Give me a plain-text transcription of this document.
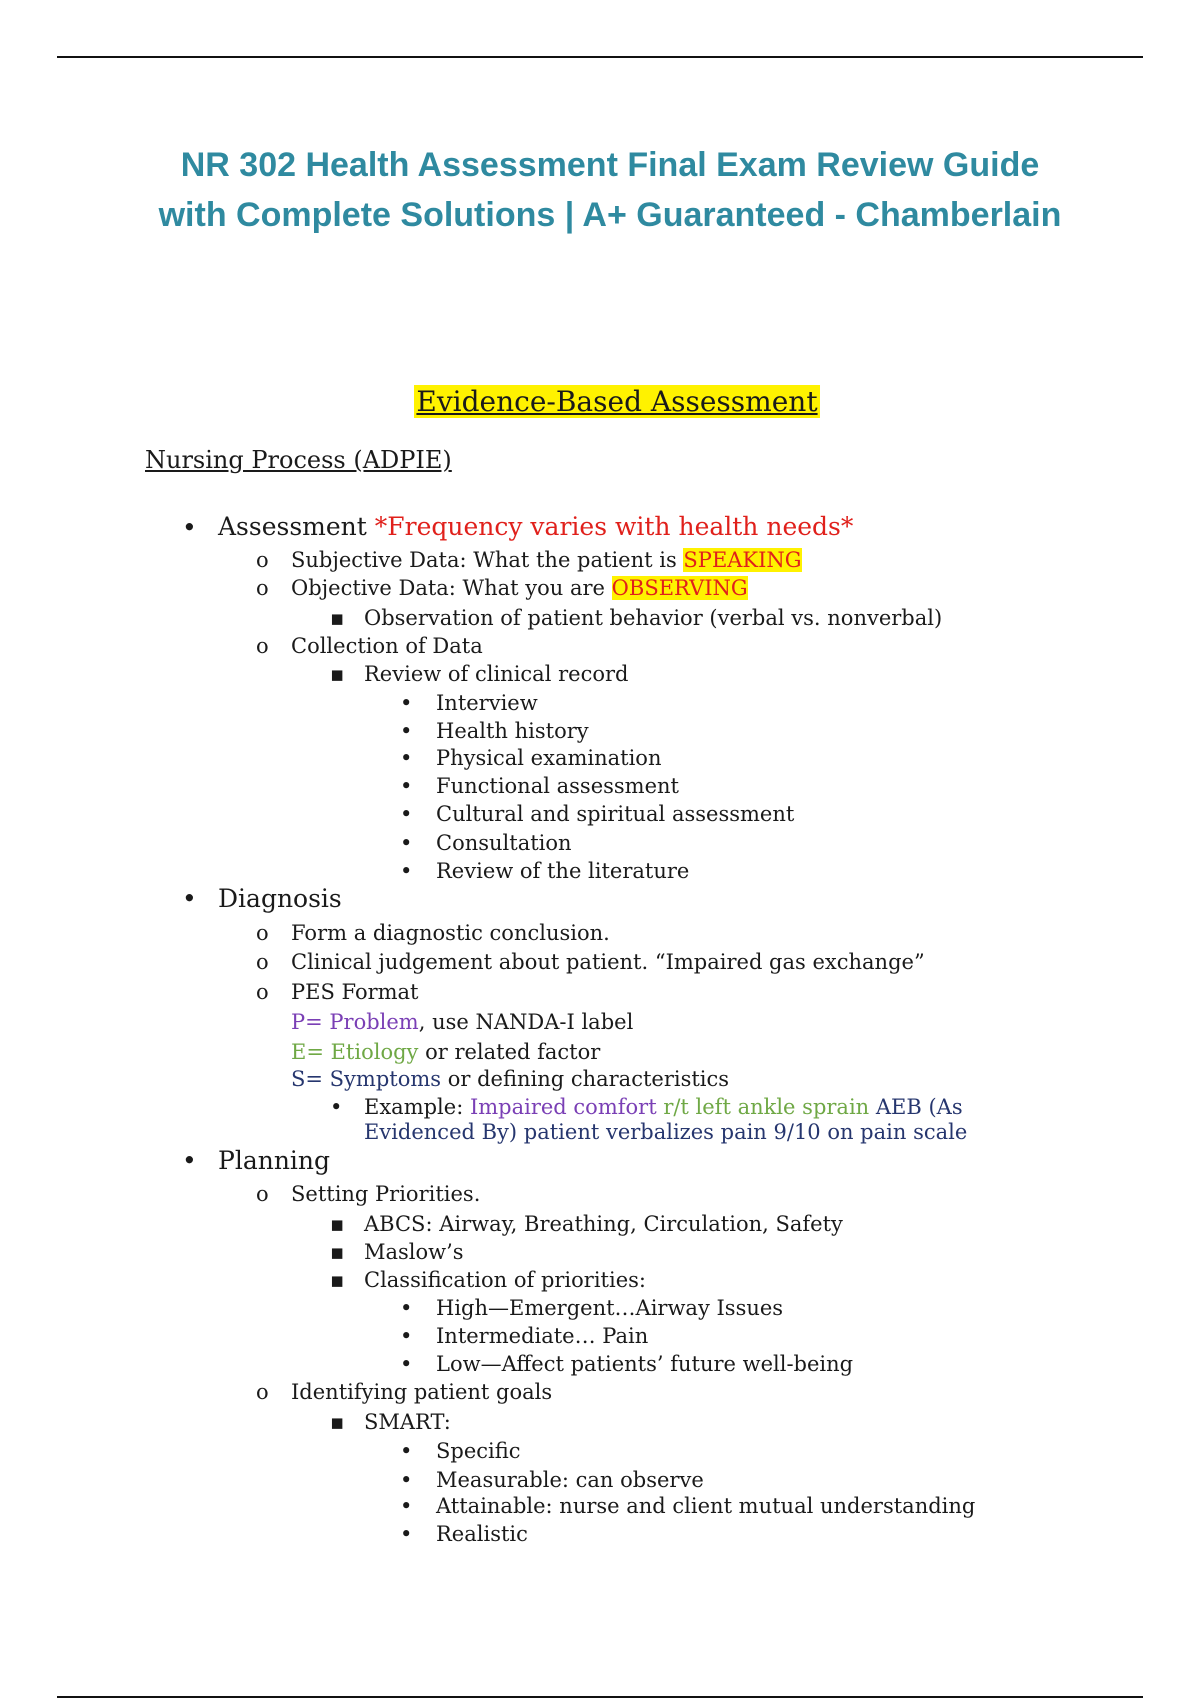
NR 302 Health Assessment Final Exam Review Guide
with Complete Solutions | A+ Guaranteed - Chamberlain
Evidence-Based Assessment
Nursing Process (ADPIE)
• Assessment *Frequency varies with health needs*
o Subjective Data: What the patient is SPEAKING
o Objective Data: What you are OBSERVING
▪ Observation of patient behavior (verbal vs. nonverbal)
o Collection of Data
▪ Review of clinical record
• Interview
• Health history
• Physical examination
• Functional assessment
• Cultural and spiritual assessment
• Consultation
• Review of the literature
• Diagnosis
o Form a diagnostic conclusion.
o Clinical judgement about patient. “Impaired gas exchange”
o PES Format
P= Problem, use NANDA-I label
E= Etiology or related factor
S= Symptoms or defining characteristics
• Example: Impaired comfort r/t left ankle sprain AEB (As
Evidenced By) patient verbalizes pain 9/10 on pain scale
• Planning
o Setting Priorities.
▪ ABCS: Airway, Breathing, Circulation, Safety
▪ Maslow’s
▪ Classification of priorities:
• High—Emergent…Airway Issues
• Intermediate… Pain
• Low—Affect patients’ future well-being
o Identifying patient goals
▪ SMART:
• Specific
• Measurable: can observe
• Attainable: nurse and client mutual understanding
• Realistic
